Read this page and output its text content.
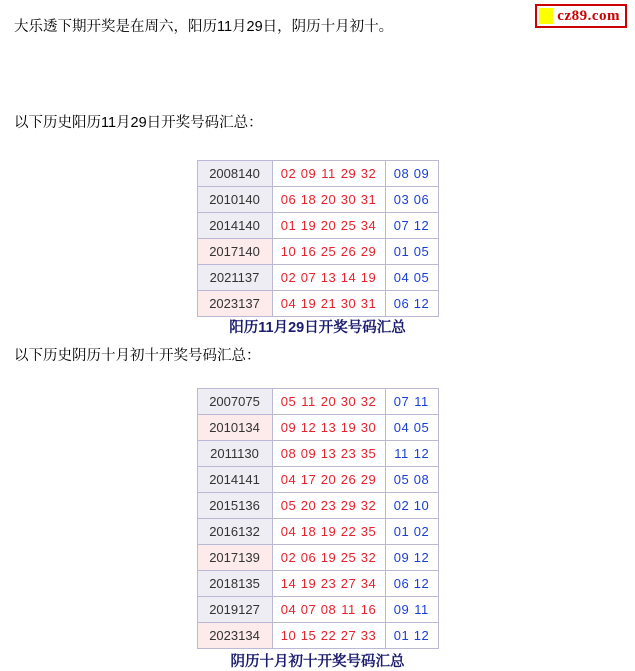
cz89.com

大乐透下期开奖是在周六，阳历11月29日，阴历十月初十。

以下历史阳历11月29日开奖号码汇总：

2008140	02 09 11 29 32	08 09
2010140	06 18 20 30 31	03 06
2014140	01 19 20 25 34	07 12
2017140	10 16 25 26 29	01 05
2021137	02 07 13 14 19	04 05
2023137	04 19 21 30 31	06 12
阳历11月29日开奖号码汇总

以下历史阴历十月初十开奖号码汇总：

2007075	05 11 20 30 32	07 11
2010134	09 12 13 19 30	04 05
2011130	08 09 13 23 35	11 12
2014141	04 17 20 26 29	05 08
2015136	05 20 23 29 32	02 10
2016132	04 18 19 22 35	01 02
2017139	02 06 19 25 32	09 12
2018135	14 19 23 27 34	06 12
2019127	04 07 08 11 16	09 11
2023134	10 15 22 27 33	01 12
阴历十月初十开奖号码汇总
